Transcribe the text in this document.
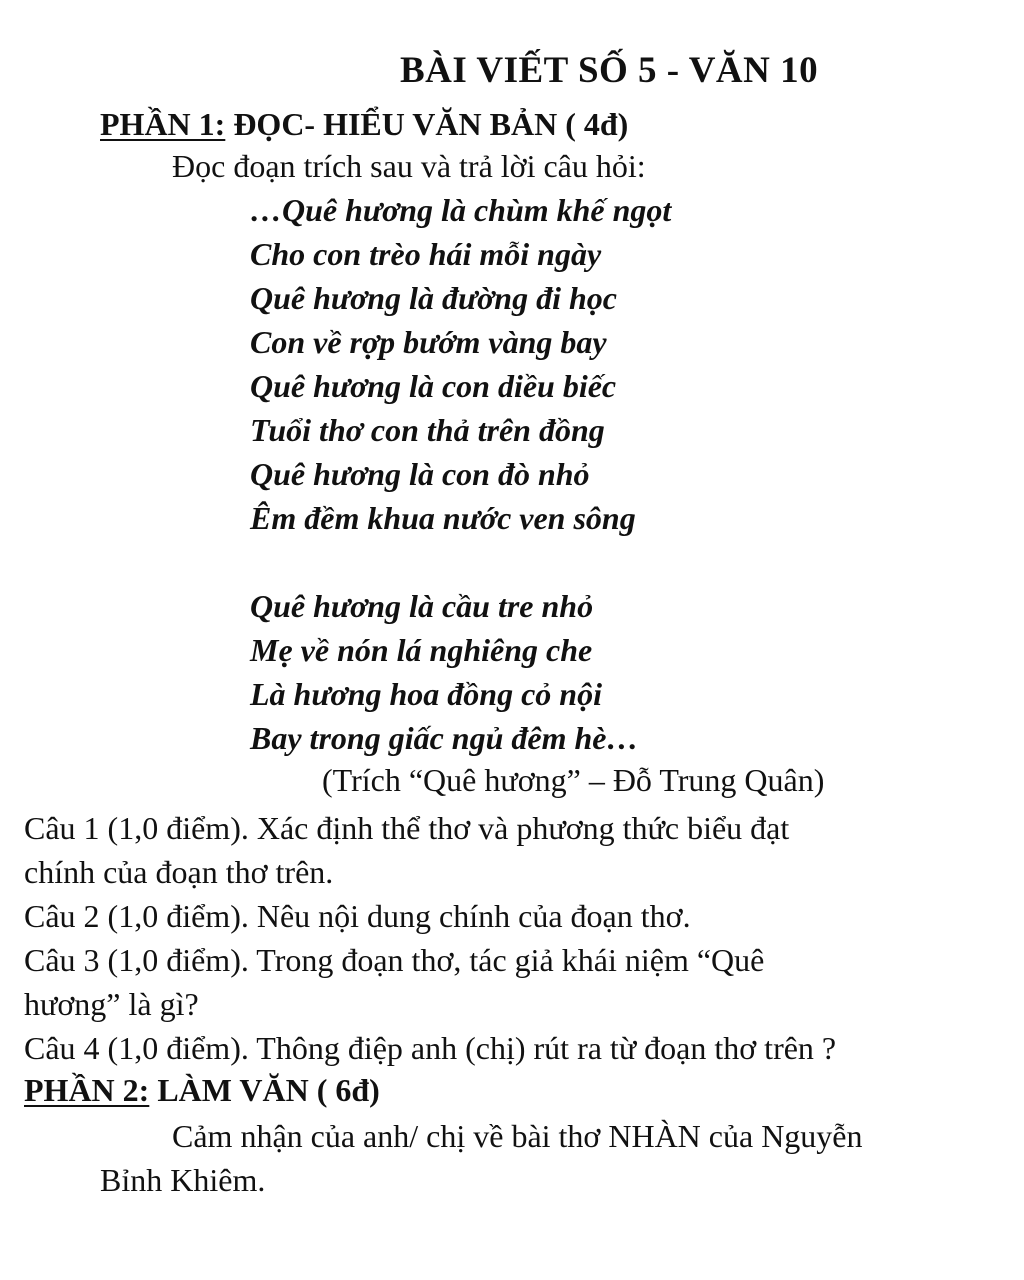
BÀI VIẾT SỐ 5 - VĂN 10
PHẦN 1: ĐỌC- HIỂU VĂN BẢN ( 4đ)
Đọc đoạn trích sau và trả lời câu hỏi:
…Quê hương là chùm khế ngọt
Cho con trèo hái mỗi ngày
Quê hương là đường đi học
Con về rợp bướm vàng bay
Quê hương là con diều biếc
Tuổi thơ con thả trên đồng
Quê hương là con đò nhỏ
Êm đềm khua nước ven sông
Quê hương là cầu tre nhỏ
Mẹ về nón lá nghiêng che
Là hương hoa đồng cỏ nội
Bay trong giấc ngủ đêm hè…
(Trích “Quê hương” – Đỗ Trung Quân)
Câu 1 (1,0 điểm). Xác định thể thơ và phương thức biểu đạt
chính của đoạn thơ trên.
Câu 2 (1,0 điểm). Nêu nội dung chính của đoạn thơ.
Câu 3 (1,0 điểm). Trong đoạn thơ, tác giả khái niệm “Quê
hương” là gì?
Câu 4 (1,0 điểm). Thông điệp anh (chị) rút ra từ đoạn thơ trên ?
PHẦN 2: LÀM VĂN ( 6đ)
Cảm nhận của anh/ chị về bài thơ NHÀN của Nguyễn
Bỉnh Khiêm.
